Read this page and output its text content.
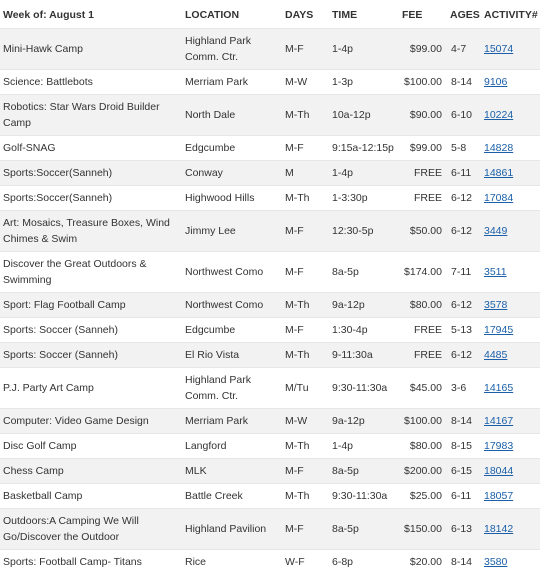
Week of: August 1	LOCATION	DAYS	TIME	FEE	AGES	ACTIVITY#
Mini-Hawk Camp	Highland Park Comm. Ctr.	M-F	1-4p	$99.00	4-7	15074
Science: Battlebots	Merriam Park	M-W	1-3p	$100.00	8-14	9106
Robotics: Star Wars Droid Builder Camp	North Dale	M-Th	10a-12p	$90.00	6-10	10224
Golf-SNAG	Edgcumbe	M-F	9:15a-12:15p	$99.00	5-8	14828
Sports:Soccer(Sanneh)	Conway	M	1-4p	FREE	6-11	14861
Sports:Soccer(Sanneh)	Highwood Hills	M-Th	1-3:30p	FREE	6-12	17084
Art: Mosaics, Treasure Boxes, Wind Chimes & Swim	Jimmy Lee	M-F	12:30-5p	$50.00	6-12	3449
Discover the Great Outdoors & Swimming	Northwest Como	M-F	8a-5p	$174.00	7-11	3511
Sport: Flag Football Camp	Northwest Como	M-Th	9a-12p	$80.00	6-12	3578
Sports: Soccer (Sanneh)	Edgcumbe	M-F	1:30-4p	FREE	5-13	17945
Sports: Soccer (Sanneh)	El Rio Vista	M-Th	9-11:30a	FREE	6-12	4485
P.J. Party Art Camp	Highland Park Comm. Ctr.	M/Tu	9:30-11:30a	$45.00	3-6	14165
Computer: Video Game Design	Merriam Park	M-W	9a-12p	$100.00	8-14	14167
Disc Golf Camp	Langford	M-Th	1-4p	$80.00	8-15	17983
Chess Camp	MLK	M-F	8a-5p	$200.00	6-15	18044
Basketball Camp	Battle Creek	M-Th	9:30-11:30a	$25.00	6-11	18057
Outdoors:A Camping We Will Go/Discover the Outdoor	Highland Pavilion	M-F	8a-5p	$150.00	6-13	18142
Sports: Football Camp- Titans	Rice	W-F	6-8p	$20.00	8-14	3580
